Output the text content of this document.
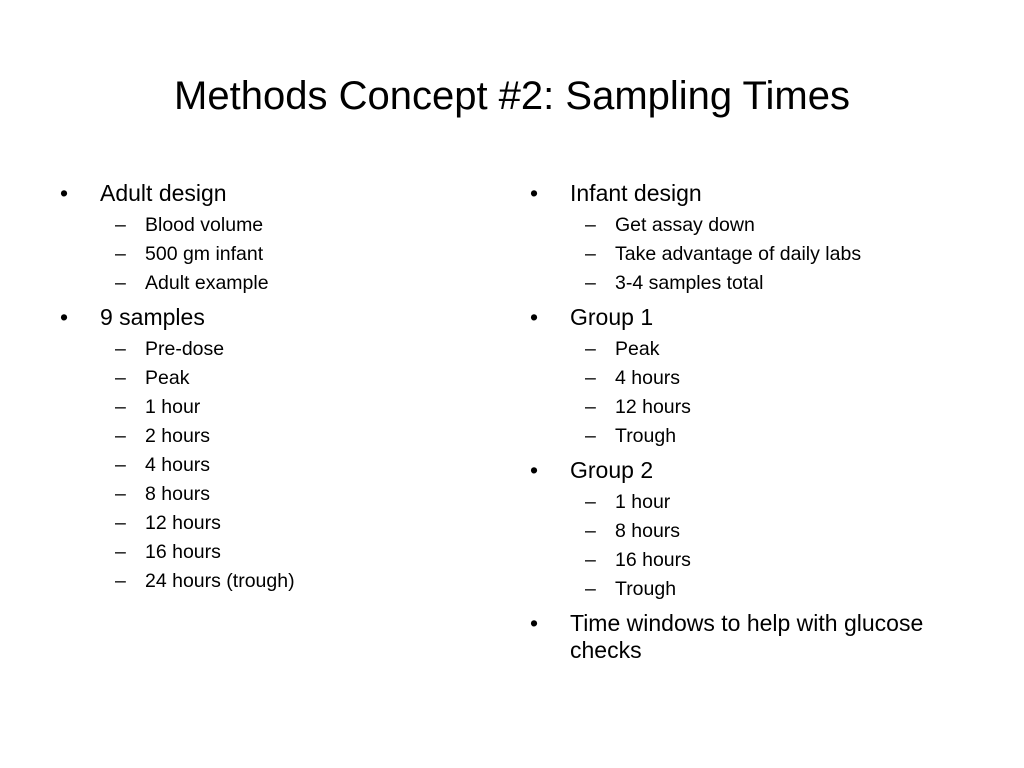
Methods Concept #2: Sampling Times
•	Adult design
– Blood volume
– 500 gm infant
– Adult example
•	9 samples
– Pre-dose
– Peak
– 1 hour
– 2 hours
– 4 hours
– 8 hours
– 12 hours
– 16 hours
– 24 hours (trough)
•	Infant design
– Get assay down
– Take advantage of daily labs
– 3-4 samples total
•	Group 1
– Peak
– 4 hours
– 12 hours
– Trough
•	Group 2
– 1 hour
– 8 hours
– 16 hours
– Trough
•	Time windows to help with glucose checks
